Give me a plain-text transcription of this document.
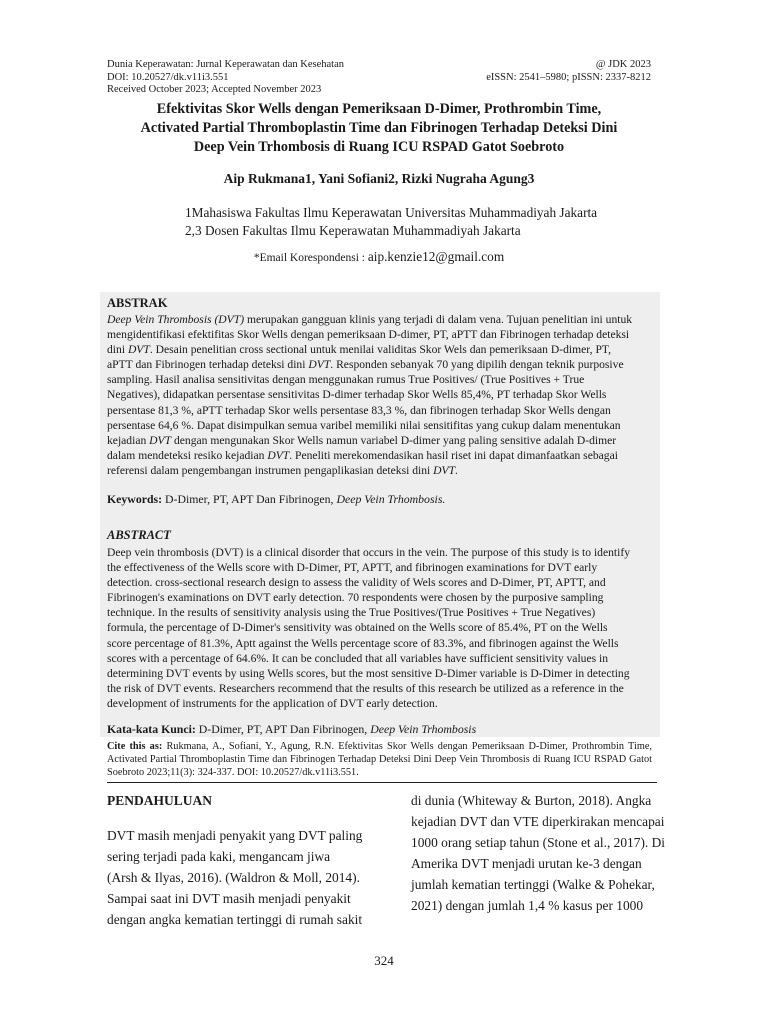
Dunia Keperawatan: Jurnal Keperawatan dan Kesehatan
DOI: 10.20527/dk.v11i3.551
Received October 2023; Accepted November 2023
@ JDK 2023
eISSN: 2541–5980; pISSN: 2337-8212
Efektivitas Skor Wells dengan Pemeriksaan D-Dimer, Prothrombin Time,
Activated Partial Thromboplastin Time dan Fibrinogen Terhadap Deteksi Dini
Deep Vein Trhombosis di Ruang ICU RSPAD Gatot Soebroto
Aip Rukmana1, Yani Sofiani2, Rizki Nugraha Agung3
1Mahasiswa Fakultas Ilmu Keperawatan Universitas Muhammadiyah Jakarta
2,3 Dosen Fakultas Ilmu Keperawatan Muhammadiyah Jakarta
*Email Korespondensi : aip.kenzie12@gmail.com
ABSTRAK
Deep Vein Thrombosis (DVT) merupakan gangguan klinis yang terjadi di dalam vena. Tujuan penelitian ini untuk
mengidentifikasi efektifitas Skor Wells dengan pemeriksaan D-dimer, PT, aPTT dan Fibrinogen terhadap deteksi
dini DVT. Desain penelitian cross sectional untuk menilai validitas Skor Wels dan pemeriksaan D-dimer, PT,
aPTT dan Fibrinogen terhadap deteksi dini DVT. Responden sebanyak 70 yang dipilih dengan teknik purposive
sampling. Hasil analisa sensitivitas dengan menggunakan rumus True Positives/ (True Positives + True
Negatives), didapatkan persentase sensitivitas D-dimer terhadap Skor Wells 85,4%, PT terhadap Skor Wells
persentase 81,3 %, aPTT terhadap Skor wells persentase 83,3 %, dan fibrinogen terhadap Skor Wells dengan
persentase 64,6 %. Dapat disimpulkan semua varibel memiliki nilai sensitifitas yang cukup dalam menentukan
kejadian DVT dengan mengunakan Skor Wells namun variabel D-dimer yang paling sensitive adalah D-dimer
dalam mendeteksi resiko kejadian DVT. Peneliti merekomendasikan hasil riset ini dapat dimanfaatkan sebagai
referensi dalam pengembangan instrumen pengaplikasian deteksi dini DVT.
Keywords: D-Dimer, PT, APT Dan Fibrinogen, Deep Vein Trhombosis.
ABSTRACT
Deep vein thrombosis (DVT) is a clinical disorder that occurs in the vein. The purpose of this study is to identify
the effectiveness of the Wells score with D-Dimer, PT, APTT, and fibrinogen examinations for DVT early
detection. cross-sectional research design to assess the validity of Wels scores and D-Dimer, PT, APTT, and
Fibrinogen's examinations on DVT early detection. 70 respondents were chosen by the purposive sampling
technique. In the results of sensitivity analysis using the True Positives/(True Positives + True Negatives)
formula, the percentage of D-Dimer's sensitivity was obtained on the Wells score of 85.4%, PT on the Wells
score percentage of 81.3%, Aptt against the Wells percentage score of 83.3%, and fibrinogen against the Wells
scores with a percentage of 64.6%. It can be concluded that all variables have sufficient sensitivity values in
determining DVT events by using Wells scores, but the most sensitive D-Dimer variable is D-Dimer in detecting
the risk of DVT events. Researchers recommend that the results of this research be utilized as a reference in the
development of instruments for the application of DVT early detection.
Kata-kata Kunci: D-Dimer, PT, APT Dan Fibrinogen, Deep Vein Trhombosis

Cite this as: Rukmana, A., Sofiani, Y., Agung, R.N. Efektivitas Skor Wells dengan Pemeriksaan D-Dimer, Prothrombin Time, Activated Partial Thromboplastin Time dan Fibrinogen Terhadap Deteksi Dini Deep Vein Thrombosis di Ruang ICU RSPAD Gatot Soebroto 2023;11(3): 324-337. DOI: 10.20527/dk.v11i3.551.

PENDAHULUAN
DVT masih menjadi penyakit yang DVT paling
sering terjadi pada kaki, mengancam jiwa
(Arsh & Ilyas, 2016). (Waldron & Moll, 2014).
Sampai saat ini DVT masih menjadi penyakit
dengan angka kematian tertinggi di rumah sakit
di dunia (Whiteway & Burton, 2018). Angka
kejadian DVT dan VTE diperkirakan mencapai
1000 orang setiap tahun (Stone et al., 2017). Di
Amerika DVT menjadi urutan ke-3 dengan
jumlah kematian tertinggi (Walke & Pohekar,
2021) dengan jumlah 1,4 % kasus per 1000
324
